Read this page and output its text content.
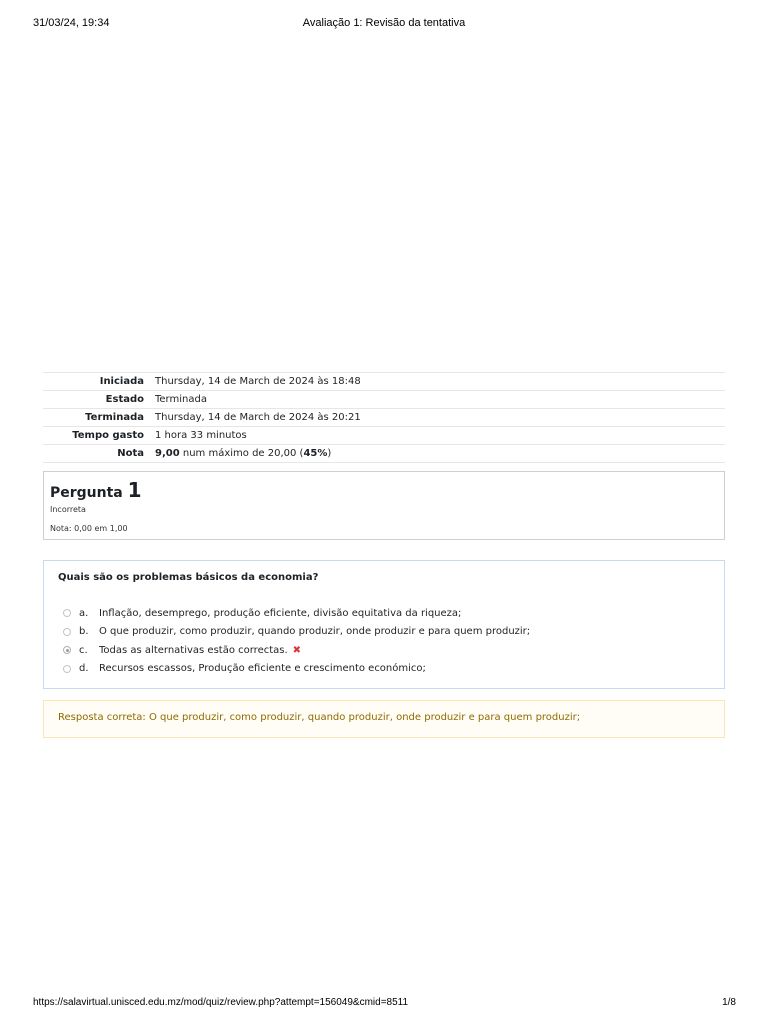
31/03/24, 19:34	Avaliação 1: Revisão da tentativa
Iniciada	Thursday, 14 de March de 2024 às 18:48
Estado	Terminada
Terminada	Thursday, 14 de March de 2024 às 20:21
Tempo gasto	1 hora 33 minutos
Nota	9,00 num máximo de 20,00 (45%)
Pergunta 1
Incorreta
Nota: 0,00 em 1,00
Quais são os problemas básicos da economia?
a.	Inflação, desemprego, produção eficiente, divisão equitativa da riqueza;
b.	O que produzir, como produzir, quando produzir, onde produzir e para quem produzir;
c.	Todas as alternativas estão correctas. ✖
d.	Recursos escassos, Produção eficiente e crescimento económico;
Resposta correta: O que produzir, como produzir, quando produzir, onde produzir e para quem produzir;
https://salavirtual.unisced.edu.mz/mod/quiz/review.php?attempt=156049&cmid=8511	1/8
